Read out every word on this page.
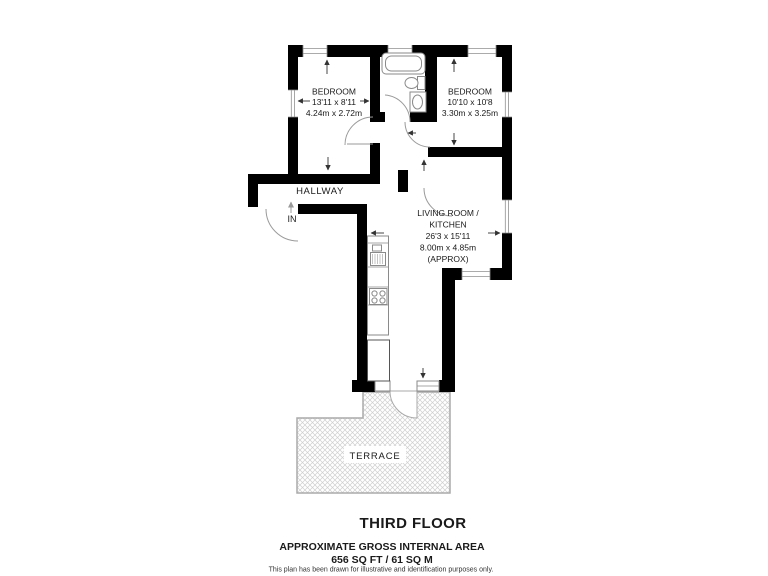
TERRACE
BEDROOM
13'11 x 8'11
4.24m x 2.72m
BEDROOM
10'10 x 10'8
3.30m x 3.25m
HALLWAY
IN
LIVING ROOM /
KITCHEN
26'3 x 15'11
8.00m x 4.85m
(APPROX)
THIRD FLOOR
APPROXIMATE GROSS INTERNAL AREA
656 SQ FT / 61 SQ M
This plan has been drawn for illustrative and identification purposes only.
